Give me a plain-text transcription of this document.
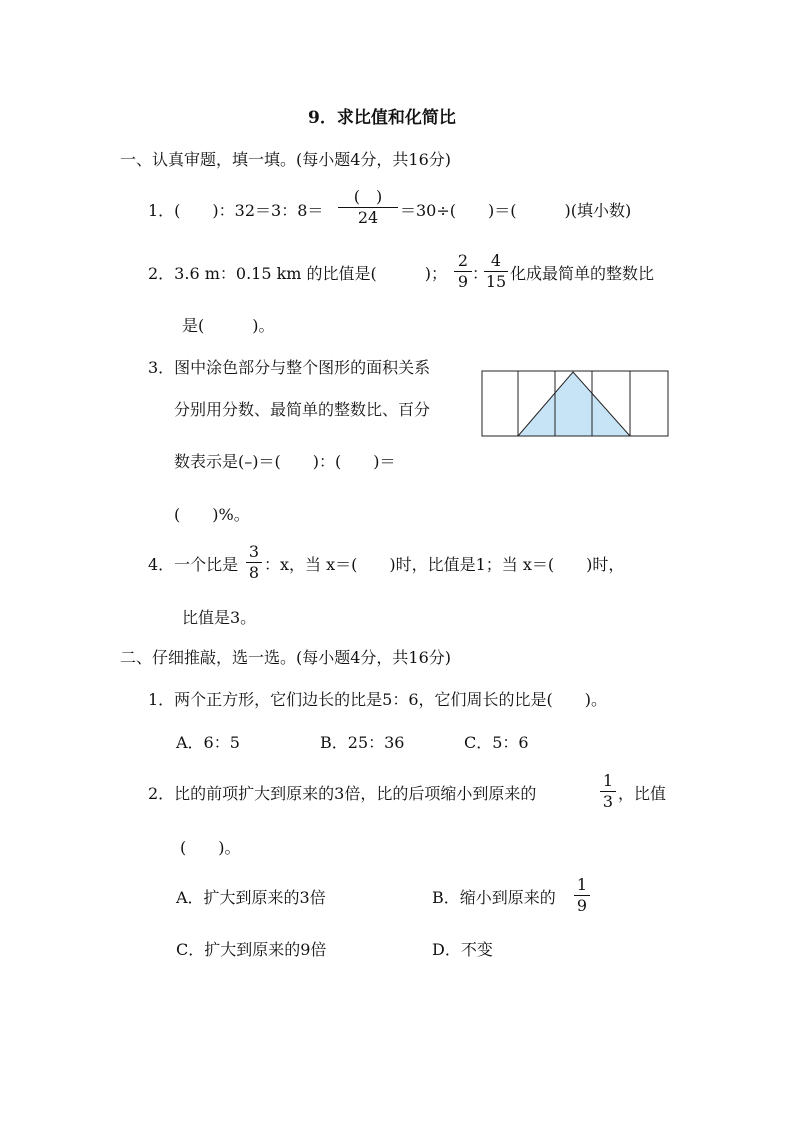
9．求比值和化简比
一、认真审题，填一填。(每小题4分，共16分)
1．(　　)：32＝3：8＝
(　)
24	＝30÷(　　)＝(　　　)(填小数)
2．3.6 m：0.15 km 的比值是(　　　)；
2
9 ：
4
15 化成最简单的整数比
是(　　　)。
3．图中涂色部分与整个图形的面积关系
分别用分数、最简单的整数比、百分
数表示是(–)＝(　　)：(　　)＝
(　　)%。
4．一个比是
3
8 ：x，当 x＝(　　)时，比值是1；当 x＝(　　)时，
比值是3。
二、仔细推敲，选一选。(每小题4分，共16分)
1．两个正方形，它们边长的比是5：6，它们周长的比是(　　)。
A．6：5	B．25：36	C．5：6
2．比的前项扩大到原来的3倍，比的后项缩小到原来的
1
3 ，比值
(　　)。
A．扩大到原来的3倍	B．缩小到原来的
1
9
C．扩大到原来的9倍	D．不变
